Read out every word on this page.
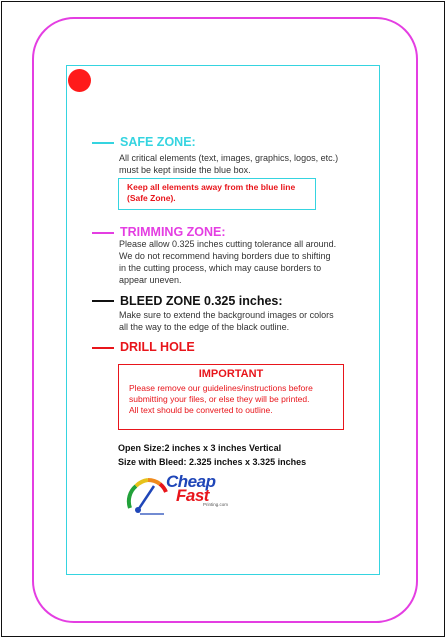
SAFE ZONE:
All critical elements (text, images, graphics, logos, etc.)
must be kept inside the blue box.
Keep all elements away from the blue line
(Safe Zone).
TRIMMING ZONE:
Please allow 0.325 inches cutting tolerance all around.
We do not recommend having borders due to shifting
in the cutting process, which may cause borders to
appear uneven.
BLEED ZONE 0.325 inches:
Make sure to extend the background images or colors
all the way to the edge of the black outline.
DRILL HOLE
IMPORTANT
Please remove our guidelines/instructions before
submitting your files, or else they will be printed.
All text should be converted to outline.
Open Size:2 inches x 3 inches Vertical
Size with Bleed: 2.325 inches x 3.325 inches
Cheap
Fast
Printing.com
